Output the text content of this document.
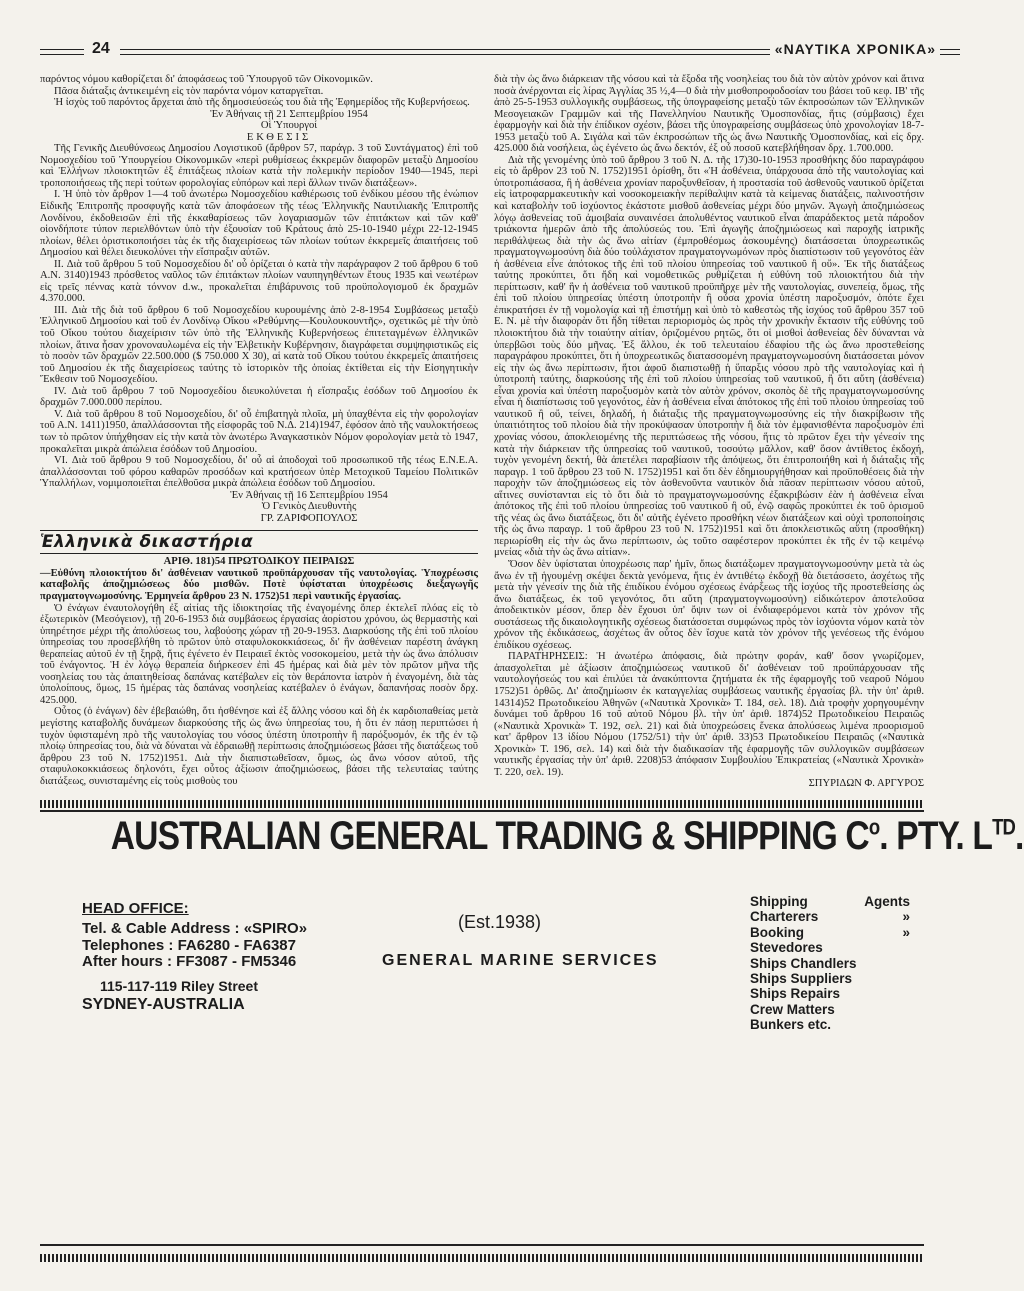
24	«ΝΑΥΤΙΚΑ ΧΡΟΝΙΚΑ»

παρόντος νόμου καθορίζεται δι' άποφάσεως τοῦ Ὑπουργοῦ τῶν Οἰκονομικῶν.

Πᾶσα διάταξις ἀντικειμένη εἰς τὸν παρόντα νόμον καταργεῖται.

Ἡ ἰσχὺς τοῦ παρόντος ἄρχεται ἀπὸ τῆς δημοσιεύσεώς του διὰ τῆς Ἐφημερίδος τῆς Κυβερνήσεως.

Ἐν Ἀθήναις τῇ 21 Σεπτεμβρίου 1954

Οἱ Ὑπουργοί

ΕΚΘΕΣΙΣ

Τῆς Γενικῆς Διευθύνσεως Δημοσίου Λογιστικοῦ (ἄρθρον 57, παράγρ. 3 τοῦ Συντάγματος) ἐπὶ τοῦ Νομοσχεδίου τοῦ Ὑπουργείου Οἰκονομικῶν «περὶ ρυθμίσεως ἐκκρεμῶν διαφορῶν μεταξὺ Δημοσίου καὶ Ἑλλήνων πλοιοκτητῶν ἐξ ἐπιτάξεως πλοίων κατὰ τὴν πολεμικὴν περίοδον 1940—1945, περὶ τροποποιήσεως τῆς περὶ τούτων φορολογίας εὐπόρων καὶ περὶ ἄλλων τινῶν διατάξεων».

I. Ἡ ὑπὸ τὸν ἄρθρον 1—4 τοῦ ἀνωτέρω Νομοσχεδίου καθιέρωσις τοῦ ἐνδίκου μέσου τῆς ἐνώπιον Εἰδικῆς Ἐπιτροπῆς προσφυγῆς κατὰ τῶν ἀποφάσεων τῆς τέως Ἑλληνικῆς Ναυτιλιακῆς Ἐπιτροπῆς Λονδίνου, ἐκδοθεισῶν ἐπὶ τῆς ἐκκαθαρίσεως τῶν λογαριασμῶν τῶν ἐπιτάκτων καὶ τῶν καθ' οἱονδήποτε τύπον περιελθόντων ὑπὸ τὴν ἐξουσίαν τοῦ Κράτους ἀπὸ 25-10-1940 μέχρι 22-12-1945 πλοίων, θέλει ὁριστικοποιήσει τὰς ἐκ τῆς διαχειρίσεως τῶν πλοίων τούτων ἐκκρεμεῖς ἀπαιτήσεις τοῦ Δημοσίου καὶ θέλει διευκολύνει τὴν εἴσπραξιν αὐτῶν.

II. Διὰ τοῦ ἄρθρου 5 τοῦ Νομοσχεδίου δι' οὗ ὁρίζεται ὁ κατὰ τὴν παράγραφον 2 τοῦ ἄρθρου 6 τοῦ Α.Ν. 3140)1943 πρόσθετος ναῦλος τῶν ἐπιτάκτων πλοίων ναυπηγηθέντων ἔτους 1935 καὶ νεωτέρων εἰς τρεῖς πέννας κατὰ τόννον d.w., προκαλεῖται ἐπιβάρυνσις τοῦ προϋπολογισμοῦ ἐκ δραχμῶν 4.370.000.

III. Διὰ τῆς διὰ τοῦ ἄρθρου 6 τοῦ Νομοσχεδίου κυρουμένης ἀπὸ 2-8-1954 Συμβάσεως μεταξὺ Ἑλληνικοῦ Δημοσίου καὶ τοῦ ἐν Λονδίνῳ Οἴκου «Ρεθύμνης—Κουλουκουντῆς», σχετικῶς μὲ τὴν ὑπὸ τοῦ Οἴκου τούτου διαχείρισιν τῶν ὑπὸ τῆς Ἑλληνικῆς Κυβερνήσεως ἐπιτεταγμένων ἑλληνικῶν πλοίων, ἅτινα ἦσαν χρονοναυλωμένα εἰς τὴν Ἐλβετικὴν Κυβέρνησιν, διαγράφεται συμψηφιστικῶς εἰς τὸ ποσὸν τῶν δραχμῶν 22.500.000 ($ 750.000 X 30), αἱ κατὰ τοῦ Οἴκου τούτου ἐκκρεμεῖς ἀπαιτήσεις τοῦ Δημοσίου ἐκ τῆς διαχειρίσεως ταύτης τὸ ἱστορικὸν τῆς ὁποίας ἐκτίθεται εἰς τὴν Εἰσηγητικὴν Ἔκθεσιν τοῦ Νομοσχεδίου.

IV. Διὰ τοῦ ἄρθρου 7 τοῦ Νομοσχεδίου διευκολύνεται ἡ εἴσπραξις ἐσόδων τοῦ Δημοσίου ἐκ δραχμῶν 7.000.000 περίπου.

V. Διὰ τοῦ ἄρθρου 8 τοῦ Νομοσχεδίου, δι' οὗ ἐπιβατηγὰ πλοῖα, μὴ ὑπαχθέντα εἰς τὴν φορολογίαν τοῦ Α.Ν. 1411)1950, ἀπαλλάσσονται τῆς εἰσφορᾶς τοῦ Ν.Δ. 214)1947, ἐφόσον ἀπὸ τῆς ναυλοκτήσεως των τὸ πρῶτον ὑπήχθησαν εἰς τὴν κατὰ τὸν ἀνωτέρω Ἀναγκαστικὸν Νόμον φορολογίαν μετὰ τὸ 1947, προκαλεῖται μικρὰ ἀπώλεια ἐσόδων τοῦ Δημοσίου.

VI. Διὰ τοῦ ἄρθρου 9 τοῦ Νομοσχεδίου, δι' οὗ αἱ ἀποδοχαὶ τοῦ προσωπικοῦ τῆς τέως Ε.Ν.Ε.Α. ἀπαλλάσσονται τοῦ φόρου καθαρῶν προσόδων καὶ κρατήσεων ὑπὲρ Μετοχικοῦ Ταμείου Πολιτικῶν Ὑπαλλήλων, νομιμοποιεῖται ἐπελθοῦσα μικρὰ ἀπώλεια ἐσόδων τοῦ Δημοσίου.

Ἐν Ἀθήναις τῇ 16 Σεπτεμβρίου 1954

Ὁ Γενικὸς Διευθυντὴς

ΓΡ. ΖΑΡΙΦΟΠΟΥΛΟΣ

Ἑλληνικὰ δικαστήρια

ΑΡΙΘ. 181)54 ΠΡΩΤΟΔΙΚΟΥ ΠΕΙΡΑΙΩΣ

—Εὐθύνη πλοιοκτήτου δι' ἀσθένειαν ναυτικοῦ προϋπάρχουσαν τῆς ναυτολογίας. Ὑποχρέωσις καταβολῆς ἀποζημιώσεως δύο μισθῶν. Ποτὲ ὑφίσταται ὑποχρέωσις διεξαγωγῆς πραγματογνωμοσύνης. Ἑρμηνεία ἄρθρου 23 Ν. 1752)51 περὶ ναυτικῆς ἐργασίας.

Ὁ ἐνάγων ἐναυτολογήθη ἐξ αἰτίας τῆς ἰδιοκτησίας τῆς ἐναγομένης ὅπερ ἐκτελεῖ πλόας εἰς τὸ ἐξωτερικὸν (Μεσόγειον), τῇ 20-6-1953 διὰ συμβάσεως ἐργασίας ἀορίστου χρόνου, ὡς θερμαστὴς καὶ ὑπηρέτησε μέχρι τῆς ἀπολύσεως του, λαβούσης χώραν τῇ 20-9-1953. Διαρκούσης τῆς ἐπὶ τοῦ πλοίου ὑπηρεσίας του προσεβλήθη τὸ πρῶτον ὑπὸ σταφυλοκοκκιάσεως, δι' ἣν ἀσθένειαν παρέστη ἀνάγκη θεραπείας αὐτοῦ ἐν τῇ ξηρᾷ, ἥτις ἐγένετο ἐν Πειραιεῖ ἐκτὸς νοσοκομείου, μετὰ τὴν ὡς ἄνω ἀπόλυσιν τοῦ ἐνάγοντος. Ἡ ἐν λόγῳ θεραπεία διήρκεσεν ἐπὶ 45 ἡμέρας καὶ διὰ μὲν τὸν πρῶτον μῆνα τῆς νοσηλείας του τὰς ἀπαιτηθείσας δαπάνας κατέβαλεν εἰς τὸν θεράποντα ἰατρὸν ἡ ἐναγομένη, διὰ τὰς ὑπολοίπους, ὅμως, 15 ἡμέρας τὰς δαπάνας νοσηλείας κατέβαλεν ὁ ἐνάγων, δαπανήσας ποσὸν δρχ. 425.000.

Οὗτος (ὁ ἐνάγων) δὲν ἐβεβαιώθη, ὅτι ἠσθένησε καὶ ἐξ ἄλλης νόσου καὶ δὴ ἐκ καρδιοπαθείας μετὰ μεγίστης καταβολῆς δυνάμεων διαρκούσης τῆς ὡς ἄνω ὑπηρεσίας του, ἡ ὅτι ἐν πάσῃ περιπτώσει ἡ τυχὸν ὑφισταμένη πρὸ τῆς ναυτολογίας του νόσος ὑπέστη ὑποτροπὴν ἢ παρόξυσμόν, ἐκ τῆς ἐν τῷ πλοίῳ ὑπηρεσίας του, διὰ νὰ δύναται νὰ ἐδραιωθῇ περίπτωσις ἀποζημιώσεως βάσει τῆς διατάξεως τοῦ ἄρθρου 23 τοῦ Ν. 1752)1951. Διὰ τὴν διαπιστωθεῖσαν, ὅμως, ὡς ἄνω νόσον αὐτοῦ, τῆς σταφυλοκοκκιάσεως δηλονότι, ἔχει οὗτος ἀξίωσιν ἀποζημιώσεως, βάσει τῆς τελευταίας ταύτης διατάξεως, συνισταμένης εἰς τοὺς μισθοὺς του

διὰ τὴν ὡς ἄνω διάρκειαν τῆς νόσου καὶ τὰ ἔξοδα τῆς νοσηλείας του διὰ τὸν αὐτὸν χρόνον καὶ ἅτινα ποσὰ ἀνέρχονται εἰς λίρας Ἀγγλίας 35 ½,4—0 διὰ τὴν μισθοπροφοδοσίαν του βάσει τοῦ κεφ. ΙΒ' τῆς ἀπὸ 25-5-1953 συλλογικῆς συμβάσεως, τῆς ὑπογραφείσης μεταξὺ τῶν ἐκπροσώπων τῶν Ἑλληνικῶν Μεσογειακῶν Γραμμῶν καὶ τῆς Πανελληνίου Ναυτικῆς Ὁμοσπονδίας, ἥτις (σύμβασις) ἔχει ἐφαρμογὴν καὶ διὰ τὴν ἐπίδικον σχέσιν, βάσει τῆς ὑπογραφείσης συμβάσεως ὑπὸ χρονολογίαν 18-7-1953 μεταξὺ τοῦ Α. Σιγάλα καὶ τῶν ἐκπροσώπων τῆς ὡς ἄνω Ναυτικῆς Ὁμοσπονδίας, καὶ εἰς δρχ. 425.000 διὰ νοσήλεια, ὡς ἐγένετο ὡς ἄνω δεκτόν, ἐξ οὗ ποσοῦ κατεβλήθησαν δρχ. 1.700.000.

Διὰ τῆς γενομένης ὑπὸ τοῦ ἄρθρου 3 τοῦ Ν. Δ. τῆς 17)30-10-1953 προσθήκης δύο παραγράφου εἰς τὸ ἄρθρον 23 τοῦ Ν. 1752)1951 ὁρίσθη, ὅτι «Ἡ ἀσθένεια, ὑπάρχουσα ἀπὸ τῆς ναυτολογίας καὶ ὑποτροπιάσασα, ἢ ἡ ἀσθένεια χρονίαν παροξυνθεῖσαν, ἡ προστασία τοῦ ἀσθενοῦς ναυτικοῦ ὁρίζεται εἰς ἰατροφαρμακευτικὴν καὶ νοσοκομειακὴν περίθαλψιν κατὰ τὰ κείμενας διατάξεις, παλινοστήσιν καὶ καταβολὴν τοῦ ἰσχύοντος ἑκάστοτε μισθοῦ ἀσθενείας μέχρι δύο μηνῶν. Ἀγωγὴ ἀποζημιώσεως λόγῳ ἀσθενείας τοῦ ἀμοιβαία συναινέσει ἀπολυθέντος ναυτικοῦ εἶναι ἀπαράδεκτος μετὰ πάροδον τριάκοντα ἡμερῶν ἀπὸ τῆς ἀπολύσεώς του. Ἐπὶ ἀγωγῆς ἀποζημιώσεως καὶ παροχῆς ἰατρικῆς περιθάλψεως διὰ τὴν ὡς ἄνω αἰτίαν (ἐμπροθέσμως ἀσκουμένης) διατάσσεται ὑποχρεωτικῶς πραγματογνωμοσύνη διὰ δύο τοὐλάχιστον πραγματογνωμόνων πρὸς διαπίστωσιν τοῦ γεγονότος ἐὰν ἡ ἀσθένεια εἶνε ἀπότοκος τῆς ἐπὶ τοῦ πλοίου ὑπηρεσίας τοῦ ναυτικοῦ ἢ οὔ». Ἐκ τῆς διατάξεως ταύτης προκύπτει, ὅτι ἤδη καὶ νομοθετικῶς ρυθμίζεται ἡ εὐθύνη τοῦ πλοιοκτήτου διὰ τὴν περίπτωσιν, καθ' ἣν ἡ ἀσθένεια τοῦ ναυτικοῦ προϋπῆρχε μὲν τῆς ναυτολογίας, συνεπείᾳ, ὅμως, τῆς ἐπὶ τοῦ πλοίου ὑπηρεσίας ὑπέστη ὑποτροπὴν ἢ οὖσα χρονία ὑπέστη παροξυσμόν, ὁπότε ἔχει ἐπικρατήσει ἐν τῇ νομολογίᾳ καὶ τῇ ἐπιστήμῃ καὶ ὑπὸ τὸ καθεστὼς τῆς ἰσχύος τοῦ ἄρθρου 357 τοῦ Ε. Ν. μὲ τὴν διαφορὰν ὅτι ἤδη τίθεται περιορισμὸς ὡς πρὸς τὴν χρονικὴν ἔκτασιν τῆς εὐθύνης τοῦ πλοιοκτήτου διὰ τὴν τοιαύτην αἰτίαν, ὁριζομένου ρητῶς, ὅτι οἱ μισθοὶ ἀσθενείας δὲν δύνανται νὰ ὑπερβῶσι τοὺς δύο μῆνας. Ἐξ ἄλλου, ἐκ τοῦ τελευταίου ἐδαφίου τῆς ὡς ἄνω προστεθείσης παραγράφου προκύπτει, ὅτι ἡ ὑποχρεωτικῶς διατασσομένη πραγματογνωμοσύνη διατάσσεται μόνον εἰς τὴν ὡς ἄνω περίπτωσιν, ἥτοι ἀφοῦ διαπιστωθῇ ἡ ὕπαρξις νόσου πρὸ τῆς ναυτολογίας καὶ ἡ ὑποτροπὴ ταύτης, διαρκούσης τῆς ἐπὶ τοῦ πλοίου ὑπηρεσίας τοῦ ναυτικοῦ, ἢ ὅτι αὕτη (ἀσθένεια) εἶναι χρονία καὶ ὑπέστη παροξυσμὸν κατὰ τὸν αὐτὸν χρόνον, σκοπὸς δὲ τῆς πραγματογνωμοσύνης εἶναι ἡ διαπίστωσις τοῦ γεγονότος, ἐὰν ἡ ἀσθένεια εἶναι ἀπότοκος τῆς ἐπὶ τοῦ πλοίου ὑπηρεσίας τοῦ ναυτικοῦ ἢ οὔ, τείνει, δηλαδή, ἡ διάταξις τῆς πραγματογνωμοσύνης εἰς τὴν διακρίβωσιν τῆς ὑπαιτιότητος τοῦ πλοίου διὰ τὴν προκύψασαν ὑποτροπὴν ἢ διὰ τὸν ἐμφανισθέντα παροξυσμὸν ἐπὶ χρονίας νόσου, ἀποκλειομένης τῆς περιπτώσεως τῆς νόσου, ἥτις τὸ πρῶτον ἔχει τὴν γένεσίν της κατὰ τὴν διάρκειαν τῆς ὑπηρεσίας τοῦ ναυτικοῦ, τοσούτῳ μᾶλλον, καθ' ὅσον ἀντίθετος ἐκδοχή, τυχὸν γενομένη δεκτή, θὰ ἀπετέλει παραβίασιν τῆς ἀπόψεως, ὅτι ἐπιτροποιήθη καὶ ἡ διάταξις τῆς παραγρ. 1 τοῦ ἄρθρου 23 τοῦ Ν. 1752)1951 καὶ ὅτι δὲν ἐδημιουργήθησαν καὶ προϋποθέσεις διὰ τὴν παροχὴν τῶν ἀποζημιώσεως εἰς τὸν ἀσθενοῦντα ναυτικὸν διὰ πᾶσαν περίπτωσιν νόσου αὐτοῦ, αἵτινες συνίστανται εἰς τὸ ὅτι διὰ τὸ πραγματογνωμοσύνης ἐξακριβώσιν ἐὰν ἡ ἀσθένεια εἶναι ἀπότοκος τῆς ἐπὶ τοῦ πλοίου ὑπηρεσίας τοῦ ναυτικοῦ ἢ οὔ, ἐνῷ σαφῶς προκύπτει ἐκ τοῦ ὁρισμοῦ τῆς νέας ὡς ἄνω διατάξεως, ὅτι δι' αὐτῆς ἐγένετο προσθήκη νέων διατάξεων καὶ οὐχὶ τροποποίησις τῆς ὡς ἄνω παραγρ. 1 τοῦ ἄρθρου 23 τοῦ Ν. 1752)1951 καὶ ὅτι ἀποκλειστικῶς αὕτη (προσθήκη) περιωρίσθη εἰς τὴν ὡς ἄνω περίπτωσιν, ὡς τοῦτο σαφέστερον προκύπτει ἐκ τῆς ἐν τῷ κειμένῳ μνείας «διὰ τὴν ὡς ἄνω αἰτίαν».

Ὅσον δὲν ὑφίσταται ὑποχρέωσις παρ' ἡμῖν, ὅπως διατάξωμεν πραγματογνωμοσύνην μετὰ τὰ ὡς ἄνω ἐν τῇ ἡγουμένῃ σκέψει δεκτὰ γενόμενα, ἥτις ἐν ἀντιθέτῳ ἐκδοχῇ θὰ διετάσσετο, ἀσχέτως τῆς μετὰ τὴν γένεσίν της διὰ τῆς ἐπιδίκου ἐνόμου σχέσεως ἐνάρξεως τῆς ἰσχύος τῆς προστεθείσης ὡς ἄνω διατάξεως, ἐκ τοῦ γεγονότος, ὅτι αὕτη (πραγματογνωμοσύνη) εἰδικώτερον ἀποτελοῦσα ἀποδεικτικὸν μέσον, ὅπερ δὲν ἔχουσι ὑπ' ὄψιν των οἱ ἐνδιαφερόμενοι κατὰ τὸν χρόνον τῆς συστάσεως τῆς δικαιολογητικῆς σχέσεως διατάσσεται συμφώνως πρὸς τὸν ἰσχύοντα νόμον κατὰ τὸν χρόνον τῆς ἐκδικάσεως, ἀσχέτως ἂν οὗτος δὲν ἴσχυε κατὰ τὸν χρόνον τῆς γενέσεως τῆς ἐνόμου ἐπιδίκου σχέσεως.

ΠΑΡΑΤΗΡΗΣΕΙΣ: Ἡ ἀνωτέρω ἀπόφασις, διὰ πρώτην φοράν, καθ' ὅσον γνωρίζομεν, ἀπασχολεῖται μὲ ἀξίωσιν ἀποζημιώσεως ναυτικοῦ δι' ἀσθένειαν τοῦ προϋπάρχουσαν τῆς ναυτολογήσεώς του καὶ ἐπιλύει τὰ ἀνακύπτοντα ζητήματα ἐκ τῆς ἐφαρμογῆς τοῦ νεαροῦ Νόμου 1752)51 ὀρθῶς. Δι' ἀποζημίωσιν ἐκ καταγγελίας συμβάσεως ναυτικῆς ἐργασίας βλ. τὴν ὑπ' ἀριθ. 14314)52 Πρωτοδικείου Ἀθηνῶν («Ναυτικὰ Χρονικὰ» Τ. 184, σελ. 18). Διὰ τροφὴν χορηγουμένην δυνάμει τοῦ ἄρθρου 16 τοῦ αὐτοῦ Νόμου βλ. τὴν ὑπ' ἀριθ. 1874)52 Πρωτοδικείου Πειραιῶς («Ναυτικὰ Χρονικὰ» Τ. 192, σελ. 21) καὶ διὰ ὑποχρεώσεις ἕνεκα ἀπολύσεως λιμένα προορισμοῦ κατ' ἄρθρον 13 ἰδίου Νόμου (1752/51) τὴν ὑπ' ἀριθ. 33)53 Πρωτοδικείου Πειραιῶς («Ναυτικὰ Χρονικὰ» Τ. 196, σελ. 14) καὶ διὰ τὴν διαδικασίαν τῆς ἐφαρμογῆς τῶν συλλογικῶν συμβάσεων ναυτικῆς ἐργασίας τὴν ὑπ' ἀριθ. 2208)53 ἀπόφασιν Συμβουλίου Ἐπικρατείας («Ναυτικὰ Χρονικὰ» Τ. 220, σελ. 19).

ΣΠΥΡΙΔΩΝ Φ. ΑΡΓΥΡΟΣ

AUSTRALIAN GENERAL TRADING & SHIPPING $C^o$. PTY. $L^{TD}$.
HEAD OFFICE:
Tel. & Cable Address : «SPIRO»
Telephones : FA6280 - FA6387
After hours : FF3087 - FM5346
115-117-119 Riley Street
SYDNEY-AUSTRALIA
(Est.1938)
GENERAL MARINE SERVICES
Shipping	Agents
Charterers	»
Booking	»
Stevedores
Ships Chandlers
Ships Suppliers
Ships Repairs
Crew Matters
Bunkers etc.
